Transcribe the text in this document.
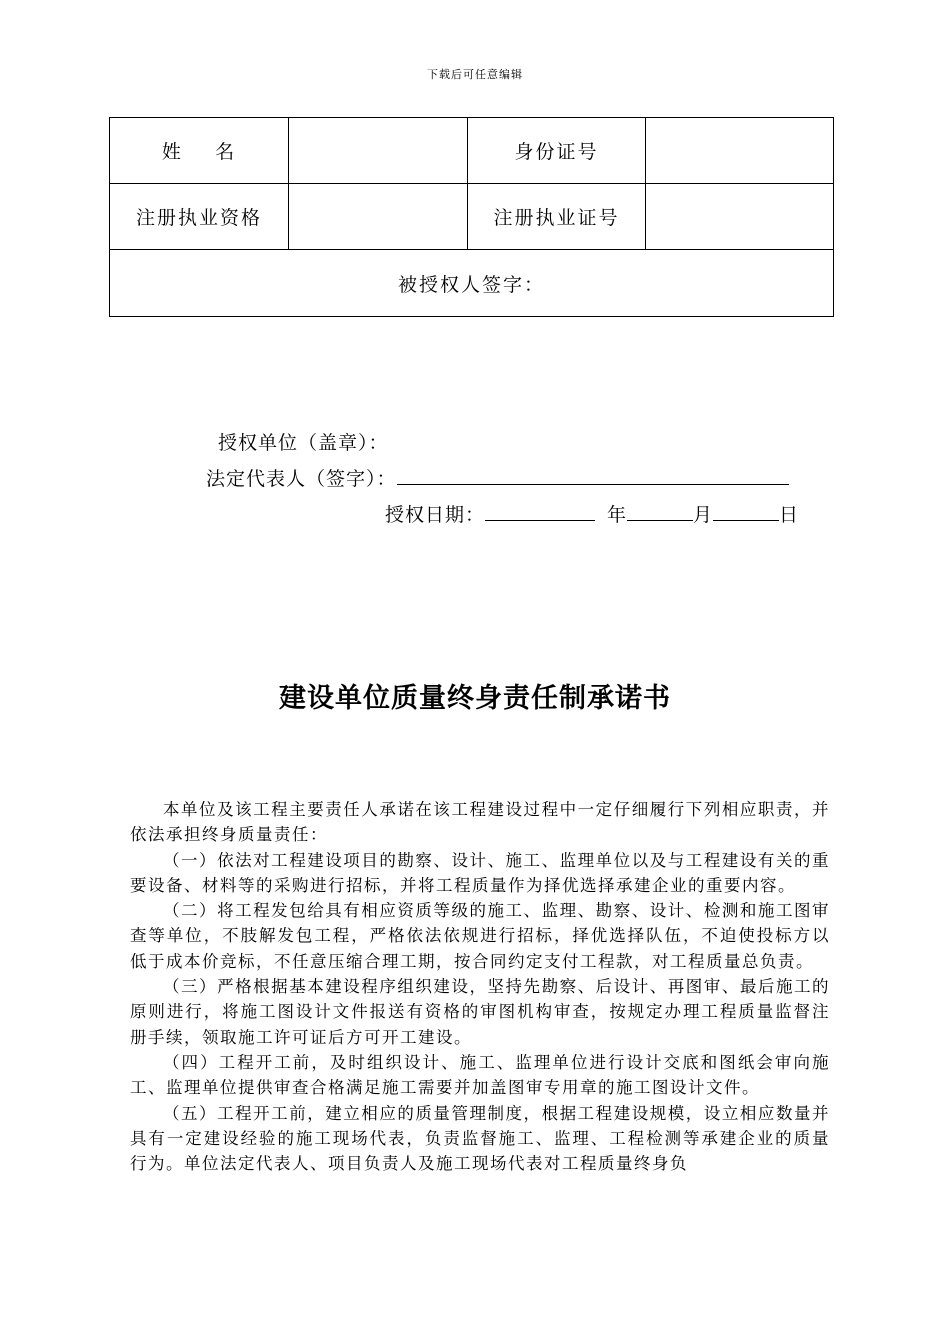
下载后可任意编辑
姓    名		身份证号	
注册执业资格		注册执业证号	
被授权人签字：			
授权单位（盖章）：
法定代表人（签字）：
授权日期：	年	月	日
建设单位质量终身责任制承诺书

本单位及该工程主要责任人承诺在该工程建设过程中一定仔细履行下列相应职责，并依法承担终身质量责任：

（一）依法对工程建设项目的勘察、设计、施工、监理单位以及与工程建设有关的重要设备、材料等的采购进行招标，并将工程质量作为择优选择承建企业的重要内容。

（二）将工程发包给具有相应资质等级的施工、监理、勘察、设计、检测和施工图审查等单位，不肢解发包工程，严格依法依规进行招标，择优选择队伍，不迫使投标方以低于成本价竞标，不任意压缩合理工期，按合同约定支付工程款，对工程质量总负责。

（三）严格根据基本建设程序组织建设，坚持先勘察、后设计、再图审、最后施工的原则进行，将施工图设计文件报送有资格的审图机构审查，按规定办理工程质量监督注册手续，领取施工许可证后方可开工建设。

（四）工程开工前，及时组织设计、施工、监理单位进行设计交底和图纸会审向施工、监理单位提供审查合格满足施工需要并加盖图审专用章的施工图设计文件。

（五）工程开工前，建立相应的质量管理制度，根据工程建设规模，设立相应数量并具有一定建设经验的施工现场代表，负责监督施工、监理、工程检测等承建企业的质量行为。单位法定代表人、项目负责人及施工现场代表对工程质量终身负
